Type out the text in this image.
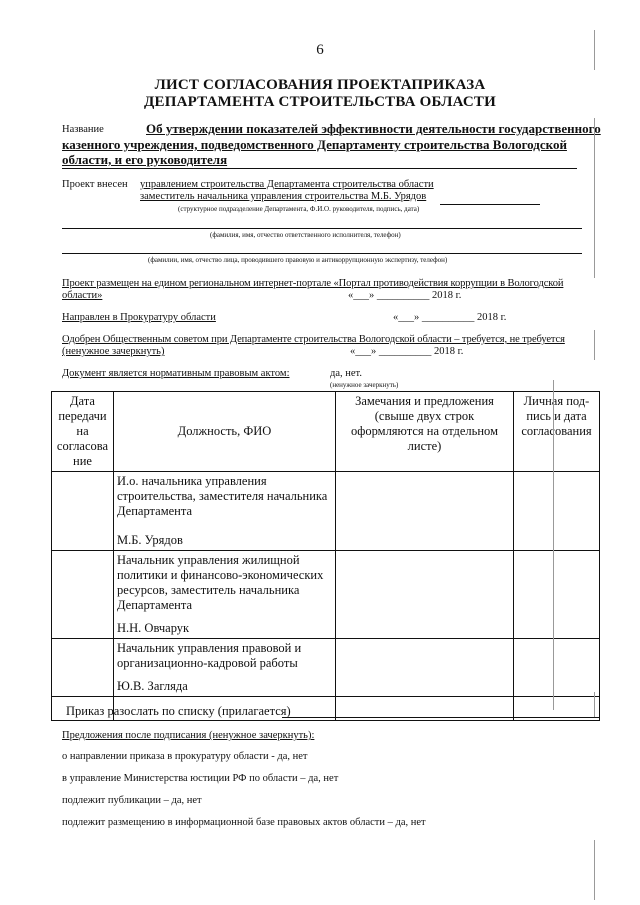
6
ЛИСТ СОГЛАСОВАНИЯ ПРОЕКТАПРИКАЗА
ДЕПАРТАМЕНТА СТРОИТЕЛЬСТВА ОБЛАСТИ
Название	Об утверждении показателей эффективности деятельности государственного
казенного учреждения, подведомственного Департаменту строительства Вологодской
области, и его руководителя
Проект внесен управлением строительства Департамента строительства области
заместитель начальника управления строительства М.Б. Урядов
(структурное подразделение Департамента, Ф.И.О. руководителя, подпись, дата)
(фамилия, имя, отчество ответственного исполнителя, телефон)
(фамилии, имя, отчество лица, проводившего правовую и антикоррупционную экспертизу, телефон)
Проект размещен на едином региональном интернет-портале «Портал противодействия коррупции в Вологодской
области»	«___» __________ 2018 г.
Направлен в Прокуратуру области	«___» __________ 2018 г.
Одобрен Общественным советом при Департаменте строительства Вологодской области – требуется, не требуется
(ненужное зачеркнуть)	«___» __________ 2018 г.
Документ является нормативным правовым актом:	да, нет.
(ненужное зачеркнуть)
Дата передачи на согласова ние	Должность, ФИО	Замечания и предложения (свыше двух строк оформляются на отдельном листе)	Личная под-пись и дата согласования

	И.о. начальника управления строительства, заместителя начальника Департамента
М.Б. Урядов		

	Начальник управления жилищной политики и финансово-экономических ресурсов, заместитель начальника Департамента
Н.Н. Овчарук		

	Начальник управления правовой и организационно-кадровой работы
Ю.В. Загляда		

Приказ разослать по списку (прилагается)
Предложения после подписания (ненужное зачеркнуть):
о направлении приказа в прокуратуру области - да, нет
в управление Министерства юстиции РФ по области – да, нет
подлежит публикации – да, нет
подлежит размещению в информационной базе правовых актов области – да, нет
